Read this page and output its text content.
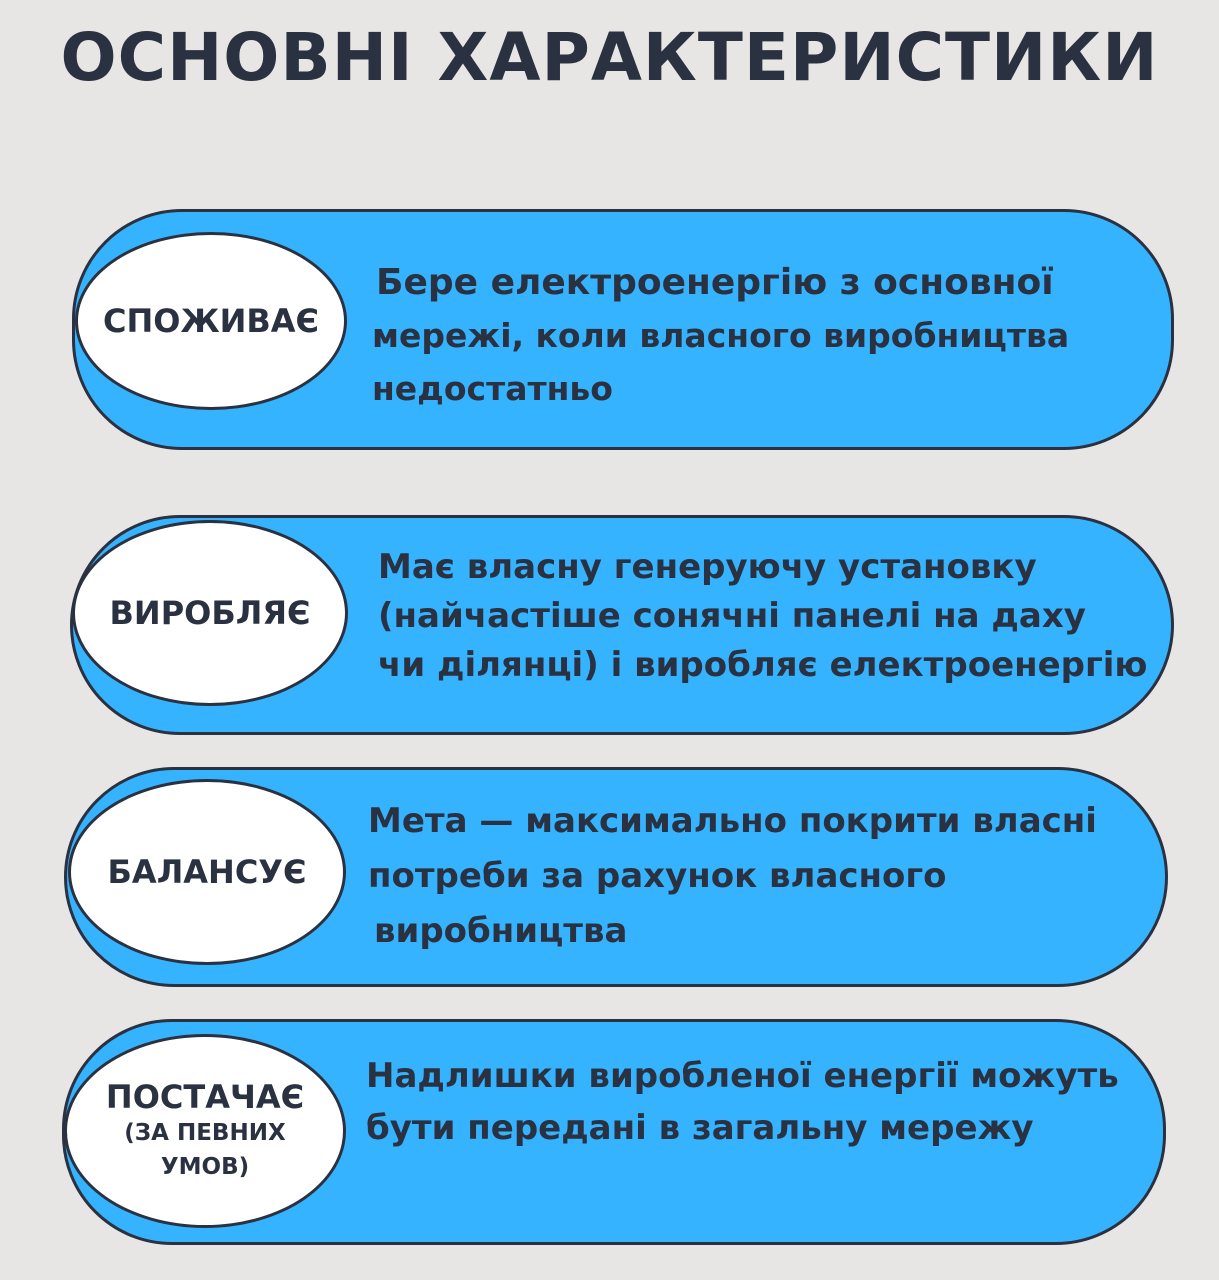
ОСНОВНІ ХАРАКТЕРИСТИКИ
СПОЖИВАЄ
Бере електроенергію з основної
мережі, коли власного виробництва
недостатньо
ВИРОБЛЯЄ
Має власну генеруючу установку
(найчастіше сонячні панелі на даху
чи ділянці) і виробляє електроенергію
БАЛАНСУЄ
Мета — максимально покрити власні
потреби за рахунок власного
виробництва
ПОСТАЧАЄ
(ЗА ПЕВНИХ
УМОВ)
Надлишки виробленої енергії можуть
бути передані в загальну мережу
